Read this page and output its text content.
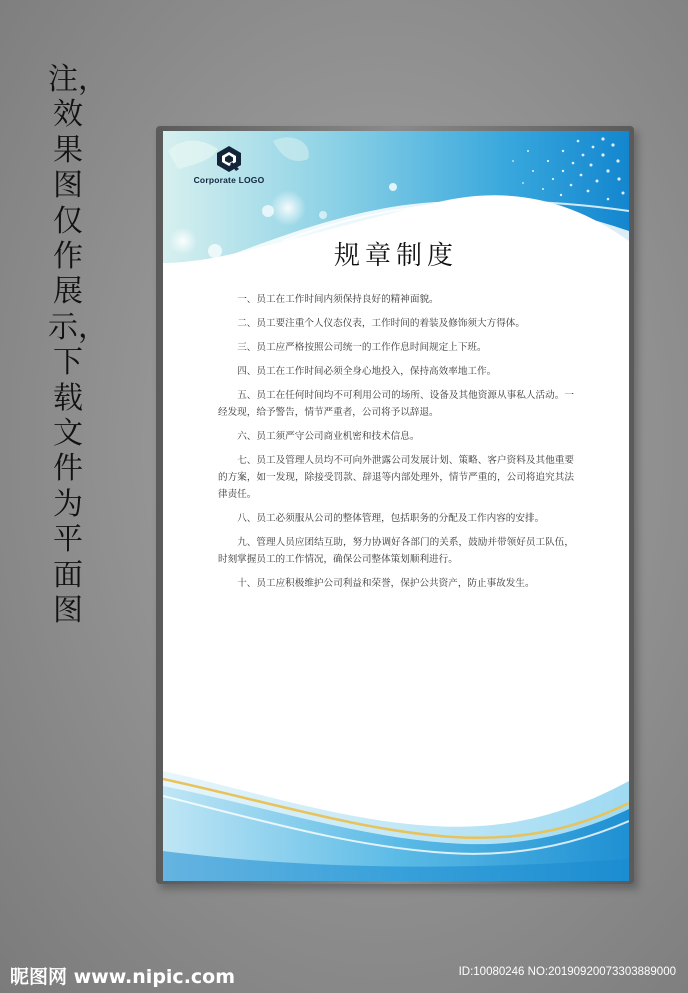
注，效果图仅作展示，下载文件为平面图
Corporate LOGO
规章制度

一、员工在工作时间内须保持良好的精神面貌。

二、员工要注重个人仪态仪表，工作时间的着装及修饰须大方得体。

三、员工应严格按照公司统一的工作作息时间规定上下班。

四、员工在工作时间必须全身心地投入，保持高效率地工作。

五、员工在任何时间均不可利用公司的场所、设备及其他资源从事私人活动。一经发现，给予警告，情节严重者，公司将予以辞退。

六、员工须严守公司商业机密和技术信息。

七、员工及管理人员均不可向外泄露公司发展计划、策略、客户资料及其他重要的方案，如一发现，除接受罚款、辞退等内部处理外，情节严重的，公司将追究其法律责任。

八、员工必须服从公司的整体管理，包括职务的分配及工作内容的安排。

九、管理人员应团结互助，努力协调好各部门的关系，鼓励并带领好员工队伍，时刻掌握员工的工作情况，确保公司整体策划顺利进行。

十、员工应积极维护公司利益和荣誉，保护公共资产，防止事故发生。

昵图网 www.nipic.com	ID:10080246 NO:20190920073303889000
